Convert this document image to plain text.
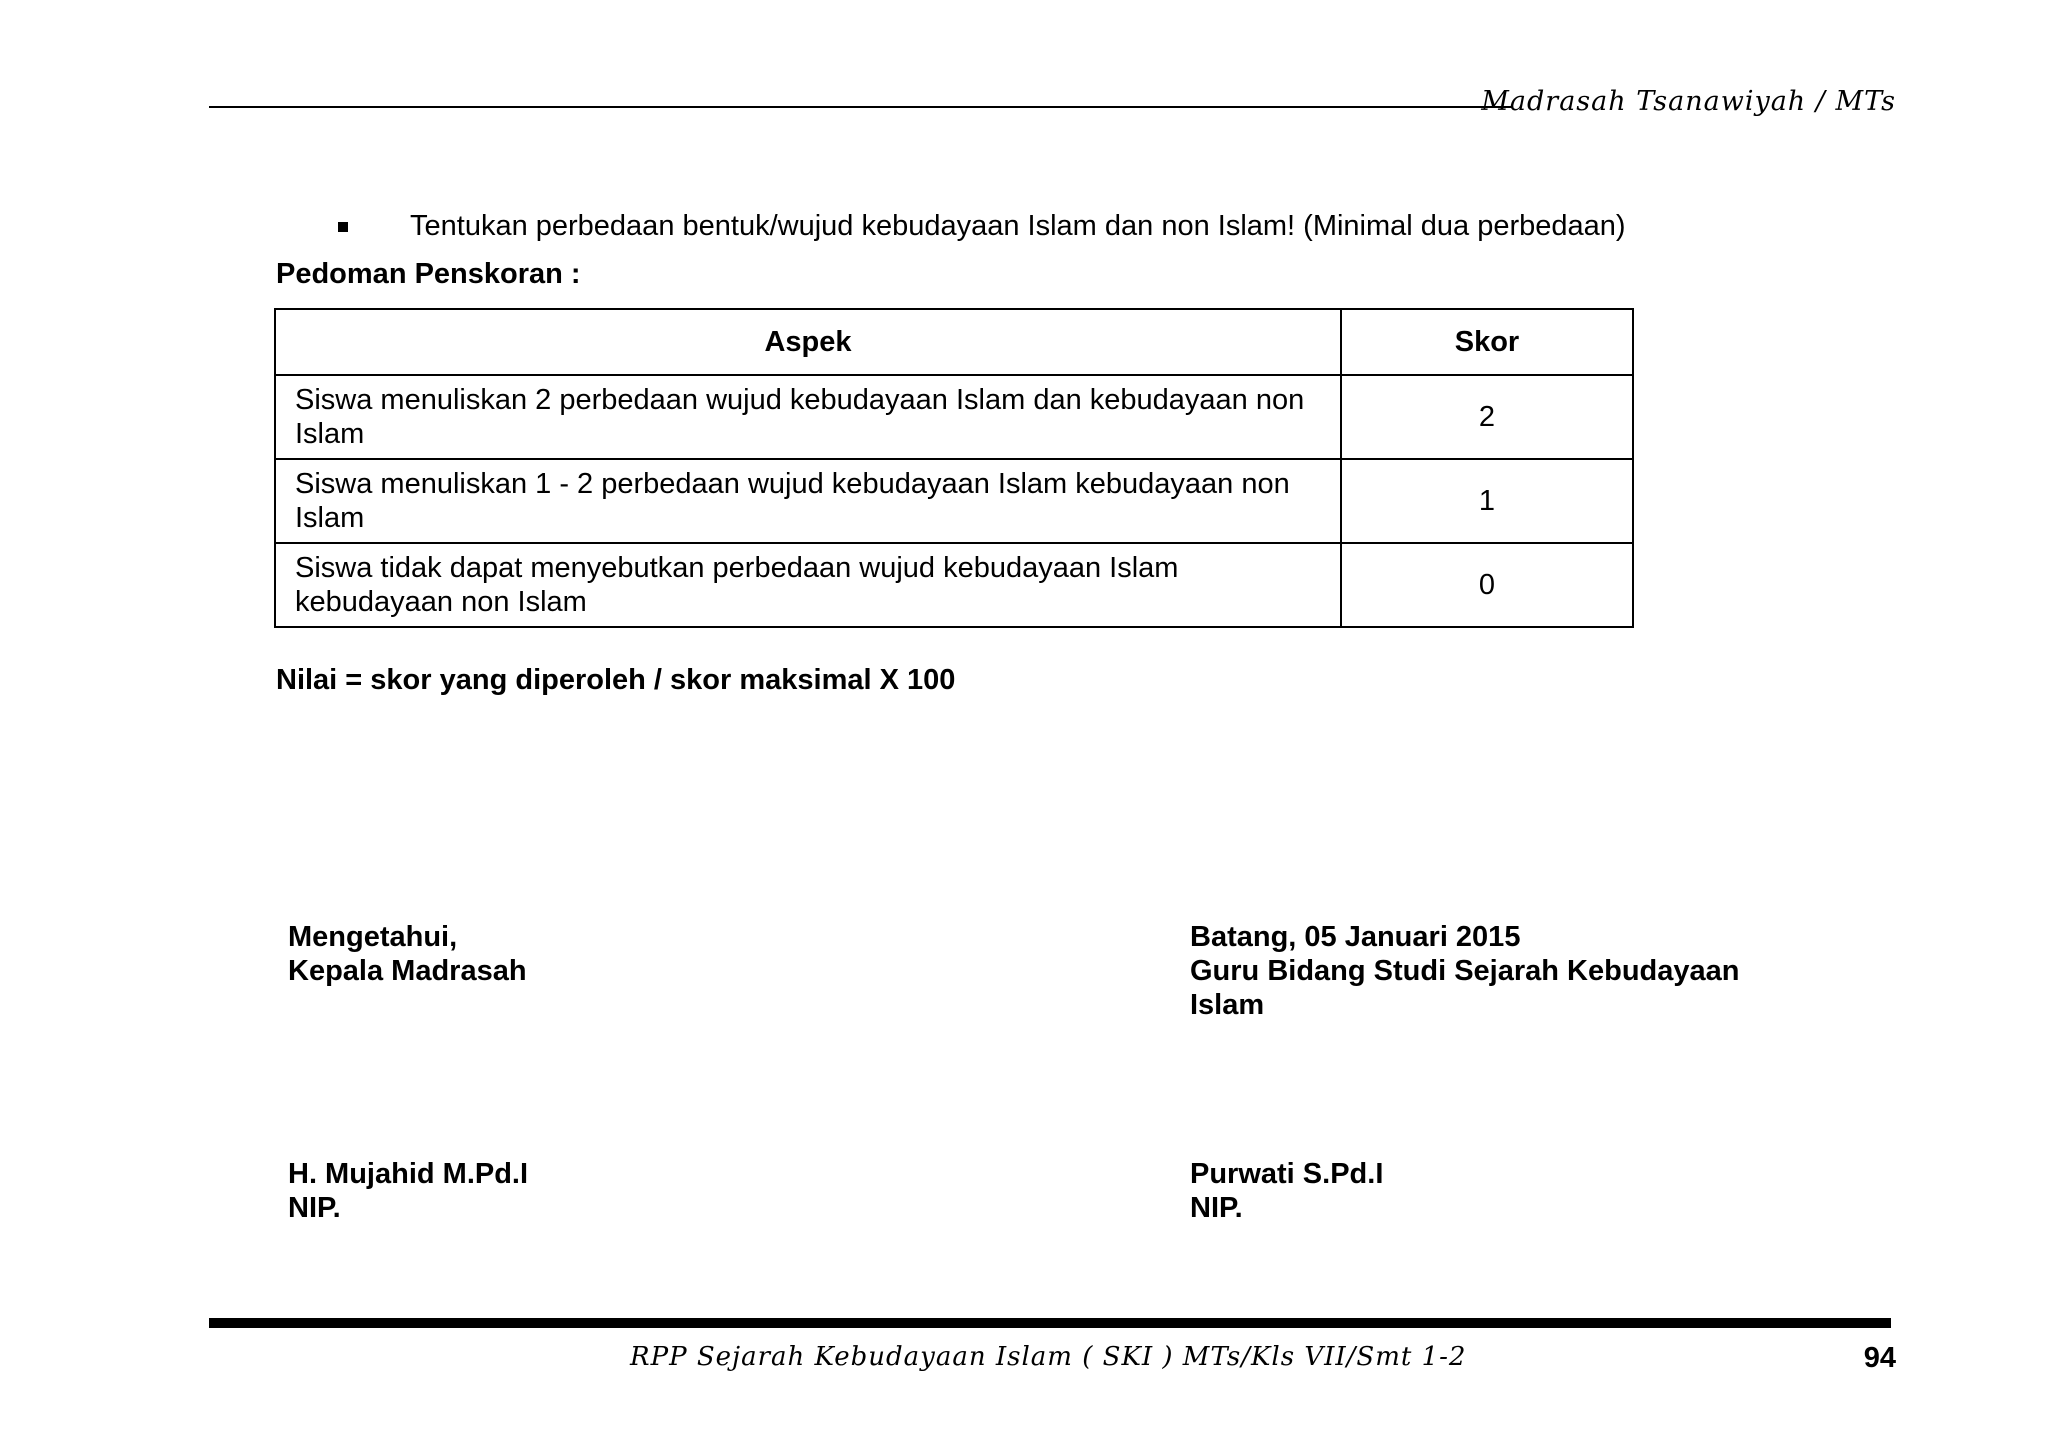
Madrasah Tsanawiyah / MTs
Tentukan perbedaan bentuk/wujud kebudayaan Islam dan non Islam! (Minimal dua perbedaan)
Pedoman Penskoran :
Aspek	Skor
Siswa menuliskan 2 perbedaan wujud kebudayaan Islam dan kebudayaan non Islam	2
Siswa menuliskan 1 - 2 perbedaan wujud kebudayaan Islam kebudayaan non Islam	1
Siswa tidak dapat menyebutkan perbedaan wujud kebudayaan Islam kebudayaan non Islam	0
Nilai = skor yang diperoleh / skor maksimal X 100
Mengetahui,
Kepala Madrasah
Batang, 05 Januari 2015
Guru Bidang Studi Sejarah Kebudayaan Islam
H. Mujahid M.Pd.I
NIP.
Purwati S.Pd.I
NIP.
RPP Sejarah Kebudayaan Islam ( SKI ) MTs/Kls VII/Smt 1-2	94
